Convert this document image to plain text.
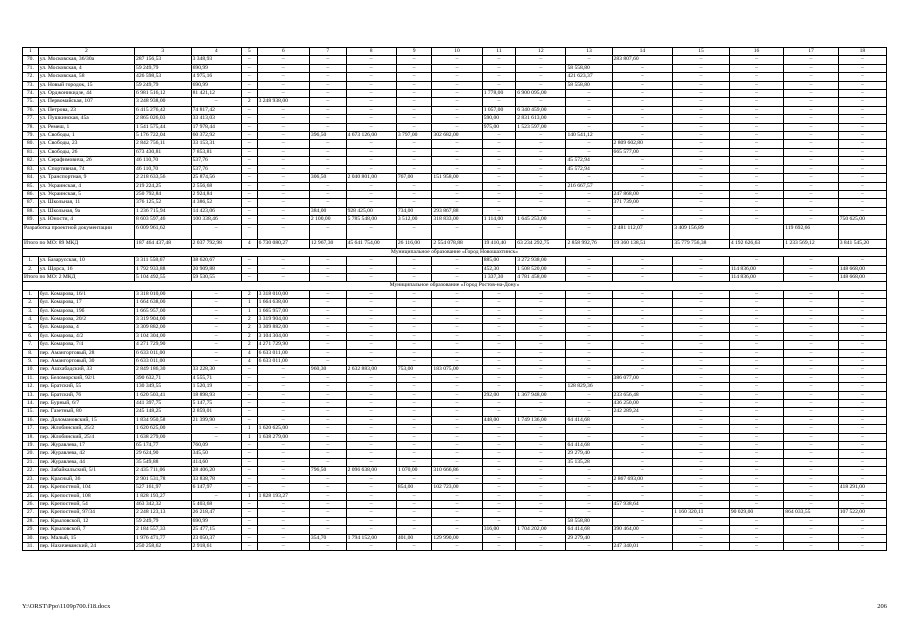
1	2	3	4	5	6	7	8	9	10	11	12	13	14	15	16	17	18
70.	ул. Московская, 36/30а	287 156,53	3 348,93	–	–	–	–	–	–	–	–	–	283 807,60	–	–	–	–
71.	ул. Московская, 4	59 249,79	690,99	–	–	–	–	–	–	–	–	58 558,80	–	–	–	–	–
72.	ул. Московская, 58	426 598,53	4 975,16	–	–	–	–	–	–	–	–	421 623,37	–	–	–	–	–
73.	ул. Новый городок, 15	59 249,79	690,99	–	–	–	–	–	–	–	–	58 558,80	–	–	–	–	–
74.	ул. Орджоникидзе, 44	6 981 516,12	81 421,12	–	–	–	–	–	–	1 778,00	6 900 095,00	–	–	–	–	–	–
75.	ул. Первомайская, 107	3 248 938,00	–	2	3 248 938,00	–	–	–	–	–	–	–	–	–	–	–	–
76.	ул. Петрова, 23	6 415 276,42	74 817,42	–	–	–	–	–	–	1 057,00	6 340 459,00	–	–	–	–	–	–
77.	ул. Пушкинская, 45а	2 865 026,03	33 413,03	–	–	–	–	–	–	590,00	2 831 613,00	–	–	–	–	–	–
78.	ул. Ремеш, 1	1 541 575,44	17 978,44	–	–	–	–	–	–	975,00	1 523 597,00	–	–	–	–	–	–
79.	ул. Свободы, 1	5 176 722,04	60 372,92	–	–	396,50	4 673 126,00	3 797,00	302 682,00	–	–	140 541,12	–	–	–	–	–
80.	ул. Свободы, 23	2 842 756,11	33 153,31	–	–	–	–	–	–	–	–	–	2 809 602,80	–	–	–	–
81.	ул. Свободы, 26	673 430,81	7 853,81	–	–	–	–	–	–	–	–	–	665 577,00	–	–	–	–
82.	ул. Серафимовича, 26	46 110,70	537,76	–	–	–	–	–	–	–	–	45 572,94	–	–	–	–	–
83.	ул. Спортивная, 74	46 110,70	537,76	–	–	–	–	–	–	–	–	45 572,94	–	–	–	–	–
84.	ул. Транспортная, 9	2 218 633,56	25 874,56	–	–	306,50	2 040 801,00	767,00	151 958,00	–	–	–	–	–	–	–	–
85.	ул. Украинская, 4	219 224,25	2 556,68	–	–	–	–	–	–	–	–	216 667,57	–	–	–	–	–
86.	ул. Украинская, 5	250 792,84	2 924,84	–	–	–	–	–	–	–	–	–	247 868,00	–	–	–	–
87.	ул. Школьная, 11	376 125,52	4 386,52	–	–	–	–	–	–	–	–	–	371 739,00	–	–	–	–
88.	ул. Школьная, 9а	1 236 715,94	14 423,06	–	–	384,00	928 425,00	734,00	293 867,88	–	–	–	–	–	–	–	–
89.	ул. Юности, 4	8 603 597,46	100 338,46	–	–	2 100,00	5 785 548,00	3 512,00	318 833,00	1 114,00	1 645 253,00	–	–	–	–	–	750 625,00
Разработка проектной документации		6 009 961,62	–	–	–	–	–	–	–	–	–	–	2 481 112,07	3 409 156,89		119 692,66	
Итого по МО: 89 МКД		187 464 437,48	2 037 792,98	4	6 730 080,27	12 967,30	45 641 754,00	26 116,00	2 554 078,88	19 410,40	63 234 292,75	2 858 992,76	19 360 138,51	35 779 756,38	4 192 626,63	1 233 569,12	3 841 545,20
Муниципальное образование «Город Новошахтинск»																	
1.	ул. Базарусская, 10	3 311 558,67	38 620,67	–	–	–	–	–	–	885,00	3 272 938,00	–	–	–	–	–	–
2.	ул. Щорса, 16	1 792 933,88	20 909,88	–	–	–	–	–	–	452,30	1 508 520,00	–	–	–	114 836,00	–	148 668,00
Итого по МО: 2 МКД		5 104 492,55	59 530,55	–	–	–	–	–	–	1 337,30	4 781 458,00	–	–	–	114 836,00	–	148 668,00
Муниципальное образование «Город Ростов-на-Дону»																	
1.	бул. Комарова, 16/1	3 318 010,00	–	2	3 318 010,00	–	–	–	–	–	–	–	–	–	–	–	–
2.	бул. Комарова, 17	1 664 638,00	–	1	1 664 638,00	–	–	–	–	–	–	–	–	–	–	–	–
3.	бул. Комарова, 19б	1 665 957,00	–	1	1 665 957,00	–	–	–	–	–	–	–	–	–	–	–	–
4.	бул. Комарова, 20/2	3 319 904,00	–	2	3 319 904,00	–	–	–	–	–	–	–	–	–	–	–	–
5.	бул. Комарова, 4	3 309 882,00	–	2	3 309 882,00	–	–	–	–	–	–	–	–	–	–	–	–
6.	бул. Комарова, 4/2	3 104 304,00	–	2	3 104 304,00	–	–	–	–	–	–	–	–	–	–	–	–
7.	бул. Комарова, 7/4	4 271 729,90	–	2	4 271 729,90	–	–	–	–	–	–	–	–	–	–	–	–
8.	пер. Амангортовый, 28	6 633 011,00	–	4	6 633 011,00	–	–	–	–	–	–	–	–	–	–	–	–
9.	пер. Амангортовый, 30	6 633 011,00	–	4	6 633 011,00	–	–	–	–	–	–	–	–	–	–	–	–
10.	пер. Ашхабадский, 33	2 849 186,30	33 228,30	–	–	960,30	2 632 883,00	753,00	183 075,00	–	–	–	–	–	–	–	–
11.	пер. Беломорский, 92/1	390 632,71	4 555,71	–	–	–	–	–	–	–	–	–	386 077,00	–	–	–	–
12.	пер. Братский, 55	130 349,55	1 520,19	–	–	–	–	–	–	–	–	128 829,36	–	–	–	–	–
13.	пер. Братский, 76	1 620 503,41	18 898,93	–	–	–	–	–	–	292,00	1 367 948,00	–	233 656,48	–	–	–	–
14.	пер. Бурный, 6/7	441 397,75	5 147,75	–	–	–	–	–	–	–	–	–	436 250,00	–	–	–	–
15.	пер. Газетный, 80	245 148,25	2 859,01	–	–	–	–	–	–	–	–	–	242 289,24	–	–	–	–
16.	пер. Доломановский, 15	1 834 950,58	21 399,90	–	–	–	–	–	–	448,00	1 749 136,00	64 414,68	–	–	–	–	–
17.	пер. Жлобинский, 25/2	1 620 625,00	–	1	1 620 625,00	–	–	–	–	–	–	–	–	–	–	–	–
18.	пер. Жлобинский, 25/4	1 638 279,00	–	1	1 638 279,00	–	–	–	–	–	–	–	–	–	–	–	–
19.	пер. Журавлева, 17	65 174,77	760,09	–	–	–	–	–	–	–	–	64 414,68	–	–	–	–	–
20.	пер. Журавлева, 42	29 624,90	345,50	–	–	–	–	–	–	–	–	29 279,40	–	–	–	–	–
21.	пер. Журавлева, 44	35 549,88	414,60	–	–	–	–	–	–	–	–	35 135,28	–	–	–	–	–
22.	пер. Забайкальский, 5/1	2 435 711,06	28 406,20	–	–	796,50	2 096 638,00	1 070,00	310 666,86	–	–	–	–	–	–	–	–
23.	пер. Красный, 36	2 901 531,78	33 838,78	–	–	–	–	–	–	–	–	–	2 867 693,00	–	–	–	–
24.	пер. Крепостной, 104	527 161,97	6 147,97	–	–	–	–	854,00	102 723,00	–	–	–	–	–	–	–	418 291,00
25.	пер. Крепостной, 108	1 828 193,27	–	1	1 828 193,27	–	–	–	–	–	–	–	–	–	–	–	–
26.	пер. Крепостной, 54	463 342,32	5 403,68	–	–	–	–	–	–	–	–	–	457 938,64	–	–	–	–
27.	пер. Крепостной, 97/34	2 248 123,13	26 218,47	–	–	–	–	–	–	–	–	–	–	1 160 320,11	90 029,00	864 033,55	107 522,00
28.	пер. Крыловской, 12	59 249,79	690,99	–	–	–	–	–	–	–	–	58 558,80	–	–	–	–	–
29.	пер. Крыловской, 7	2 184 557,33	25 477,15	–	–	–	–	–	–	316,00	1 704 202,00	64 414,68	390 464,00	–	–	–	–
30.	пер. Малый, 15	1 976 471,77	23 050,37	–	–	354,70	1 794 152,00	401,00	129 990,00	–	–	29 279,40	–	–	–	–	–
31.	пер. Нахичеванский, 24	250 258,62	2 918,61	–	–	–	–	–	–	–	–	–	247 340,01	–	–	–	–
Y:\ORST\Ppo\1109p700.f18.docx	206
